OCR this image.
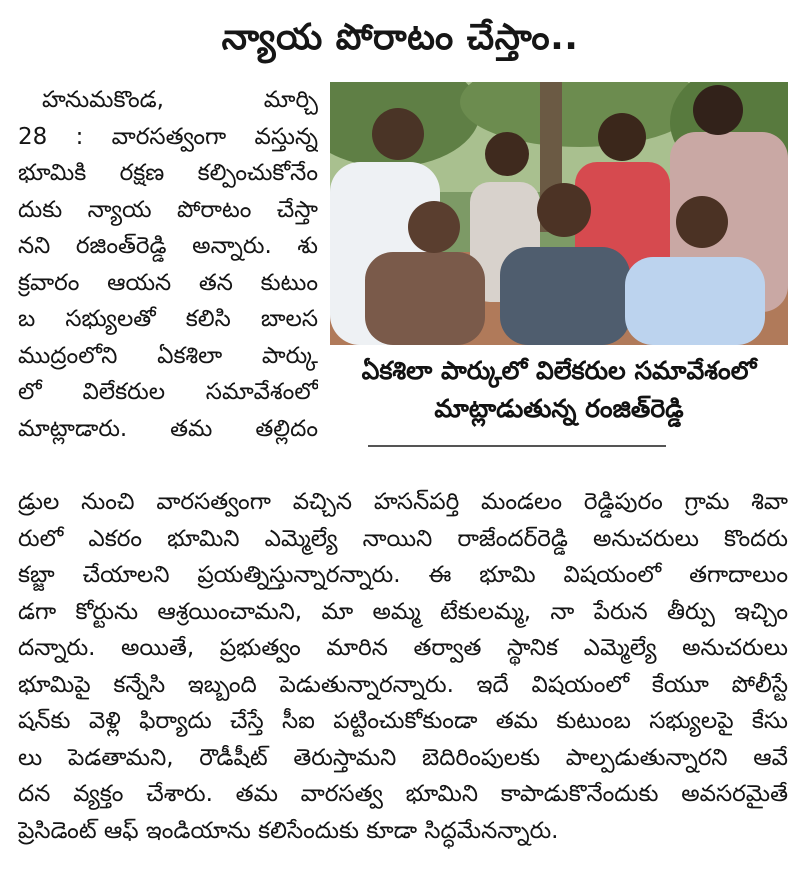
న్యాయ పోరాటం చేస్తాం..
హనుమకొండ, మార్చి
28 : వారసత్వంగా వస్తున్న
భూమికి రక్షణ కల్పించుకోనేం
దుకు న్యాయ పోరాటం చేస్తా
నని రజింత్‌రెడ్డి అన్నారు. శు
క్రవారం ఆయన తన కుటుం
బ సభ్యులతో కలిసి బాలస
ముద్రంలోని ఏకశిలా పార్కు
లో విలేకరుల సమావేశంలో
మాట్లాడారు. తమ తల్లిదం
ఏకశిలా పార్కులో విలేకరుల సమావేశంలో
మాట్లాడుతున్న రంజిత్‌రెడ్డి
డ్రుల నుంచి వారసత్వంగా వచ్చిన హసన్‌పర్తి మండలం రెడ్డిపురం గ్రామ శివా
రులో ఎకరం భూమిని ఎమ్మెల్యే నాయిని రాజేందర్‌రెడ్డి అనుచరులు కొందరు
కబ్జా చేయాలని ప్రయత్నిస్తున్నారన్నారు. ఈ భూమి విషయంలో తగాదాలుం
డగా కోర్టును ఆశ్రయించామని, మా అమ్మ టేకులమ్మ, నా పేరున తీర్పు ఇచ్చిం
దన్నారు. అయితే, ప్రభుత్వం మారిన తర్వాత స్థానిక ఎమ్మెల్యే అనుచరులు
భూమిపై కన్నేసి ఇబ్బంది పెడుతున్నారన్నారు. ఇదే విషయంలో కేయూ పోలీస్టే
షన్‌కు వెళ్లి ఫిర్యాదు చేస్తే సీఐ పట్టించుకోకుండా తమ కుటుంబ సభ్యులపై కేసు
లు పెడతామని, రౌడీషీట్ తెరుస్తామని బెదిరింపులకు పాల్పడుతున్నారని ఆవే
దన వ్యక్తం చేశారు. తమ వారసత్వ భూమిని కాపాడుకొనేందుకు అవసరమైతే
ప్రెసిడెంట్ ఆఫ్ ఇండియాను కలిసేందుకు కూడా సిద్ధమేనన్నారు.
